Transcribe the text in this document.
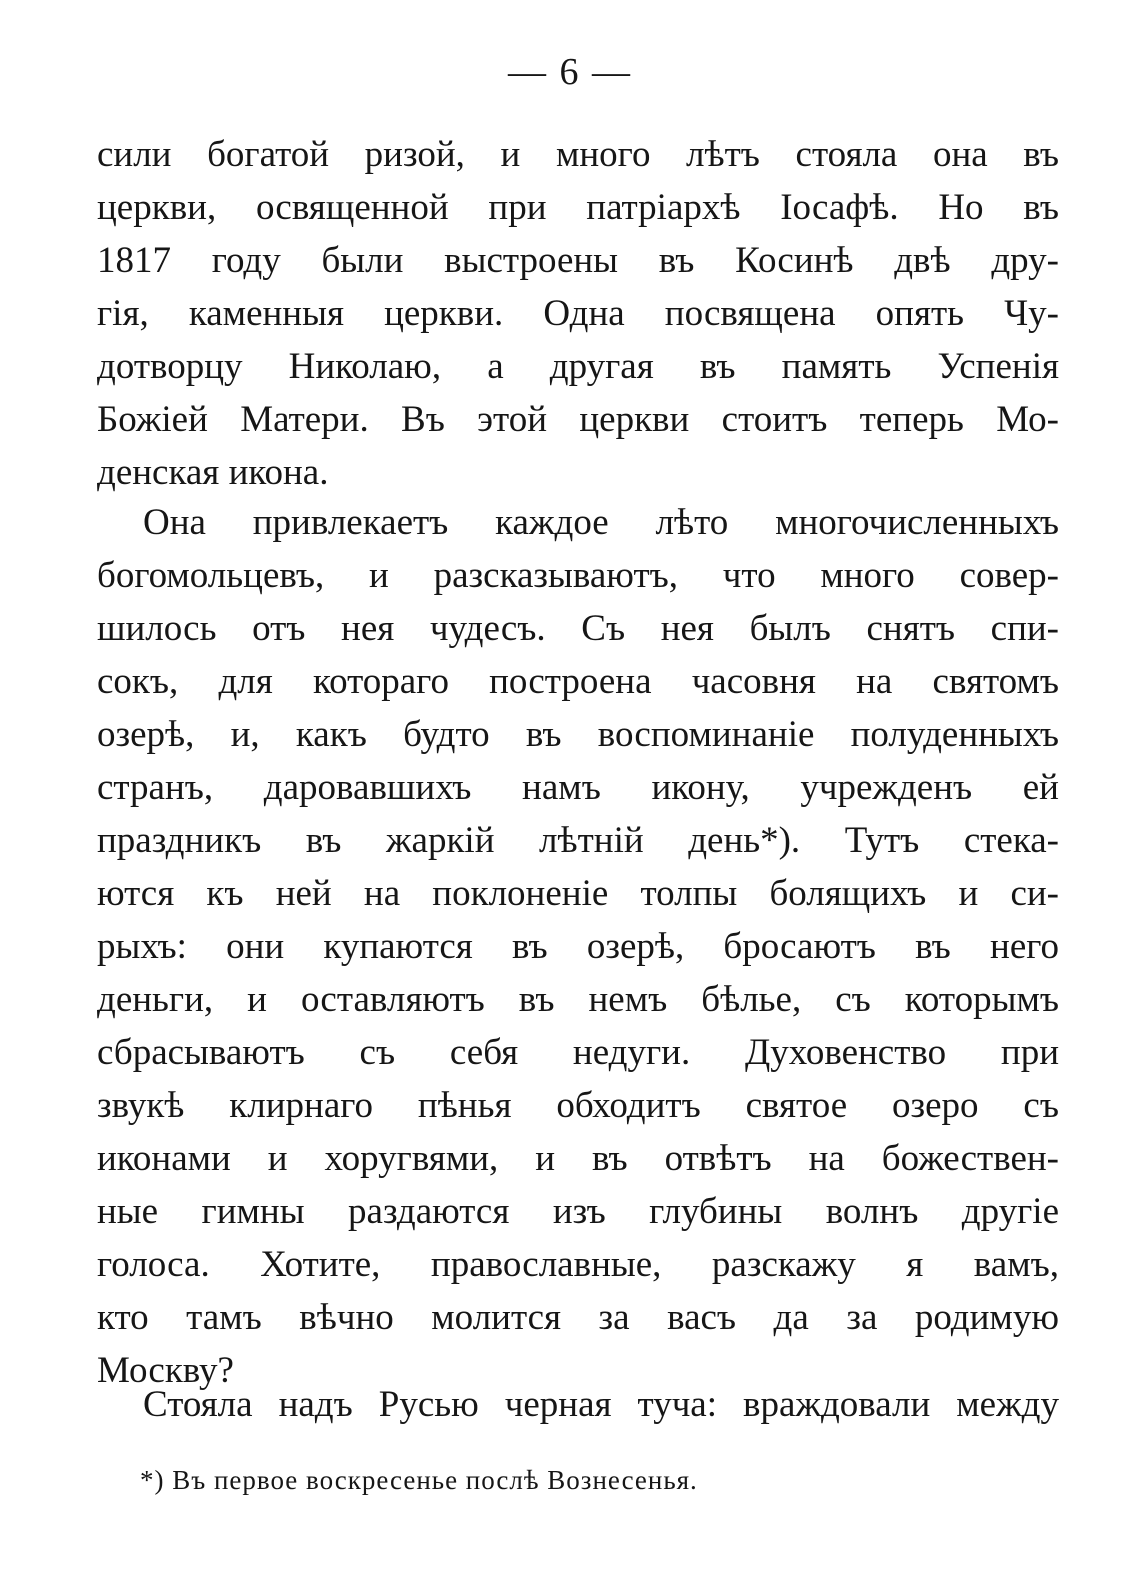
— 6 —
сили богатой ризой, и много лѣтъ стояла она въ
церкви, освященной при патріархѣ Іосафѣ. Но въ
1817 году были выстроены въ Косинѣ двѣ дру-
гія, каменныя церкви. Одна посвящена опять Чу-
дотворцу Николаю, а другая въ память Успенія
Божіей Матери. Въ этой церкви стоитъ теперь Мо-
денская икона.
Она привлекаетъ каждое лѣто многочисленныхъ
богомольцевъ, и разсказываютъ, что много совер-
шилось отъ нея чудесъ. Съ нея былъ снятъ спи-
сокъ, для котораго построена часовня на святомъ
озерѣ, и, какъ будто въ воспоминаніе полуденныхъ
странъ, даровавшихъ намъ икону, учрежденъ ей
праздникъ въ жаркій лѣтній день*). Тутъ стека-
ются къ ней на поклоненіе толпы болящихъ и си-
рыхъ: они купаются въ озерѣ, бросаютъ въ него
деньги, и оставляютъ въ немъ бѣлье, съ которымъ
сбрасываютъ съ себя недуги. Духовенство при
звукѣ клирнаго пѣнья обходитъ святое озеро съ
иконами и хоругвями, и въ отвѣтъ на божествен-
ные гимны раздаются изъ глубины волнъ другіе
голоса. Хотите, православные, разскажу я вамъ,
кто тамъ вѣчно молится за васъ да за родимую
Москву?
Стояла надъ Русью черная туча: враждовали между
*) Въ первое воскресенье послѣ Вознесенья.
